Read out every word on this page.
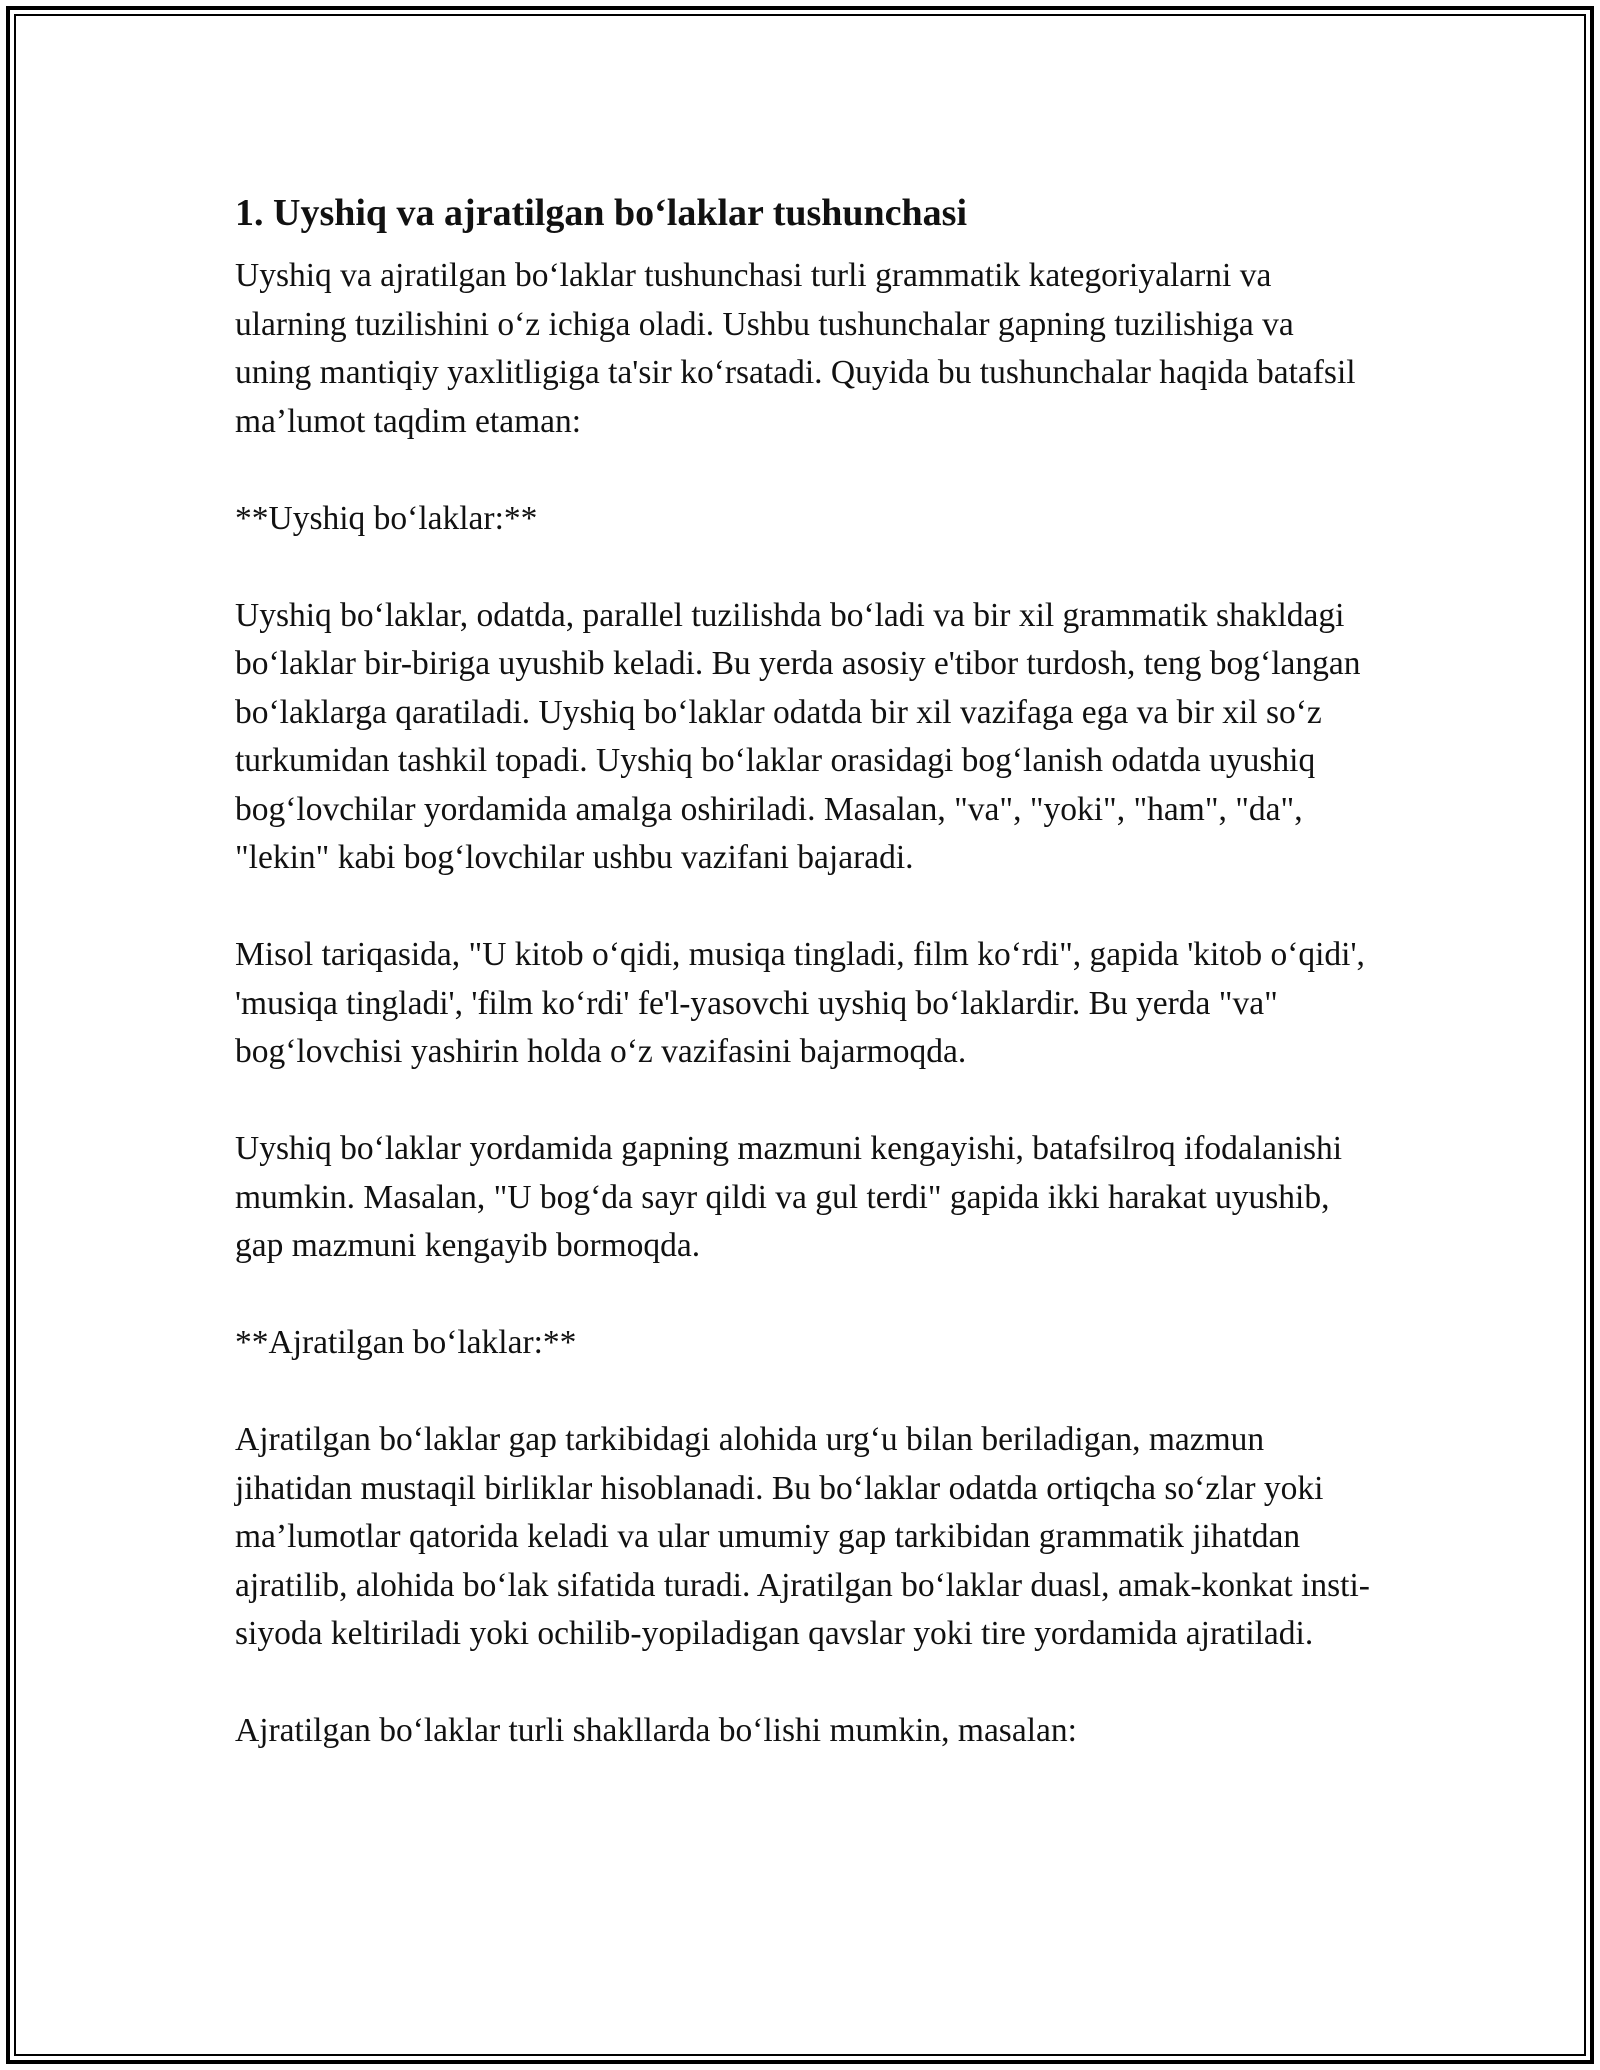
1. Uyshiq va ajratilgan bo‘laklar tushunchasi

Uyshiq va ajratilgan bo‘laklar tushunchasi turli grammatik kategoriyalarni va ularning tuzilishini o‘z ichiga oladi. Ushbu tushunchalar gapning tuzilishiga va uning mantiqiy yaxlitligiga ta'sir ko‘rsatadi. Quyida bu tushunchalar haqida batafsil ma’lumot taqdim etaman:

**Uyshiq bo‘laklar:**

Uyshiq bo‘laklar, odatda, parallel tuzilishda bo‘ladi va bir xil grammatik shakldagi bo‘laklar bir-biriga uyushib keladi. Bu yerda asosiy e'tibor turdosh, teng bog‘langan bo‘laklarga qaratiladi. Uyshiq bo‘laklar odatda bir xil vazifaga ega va bir xil so‘z turkumidan tashkil topadi. Uyshiq bo‘laklar orasidagi bog‘lanish odatda uyushiq bog‘lovchilar yordamida amalga oshiriladi. Masalan, "va", "yoki", "ham", "da", "lekin" kabi bog‘lovchilar ushbu vazifani bajaradi.

Misol tariqasida, "U kitob o‘qidi, musiqa tingladi, film ko‘rdi", gapida 'kitob o‘qidi', 'musiqa tingladi', 'film ko‘rdi' fe'l-yasovchi uyshiq bo‘laklardir. Bu yerda "va" bog‘lovchisi yashirin holda o‘z vazifasini bajarmoqda.

Uyshiq bo‘laklar yordamida gapning mazmuni kengayishi, batafsilroq ifodalanishi mumkin. Masalan, "U bog‘da sayr qildi va gul terdi" gapida ikki harakat uyushib, gap mazmuni kengayib bormoqda.

**Ajratilgan bo‘laklar:**

Ajratilgan bo‘laklar gap tarkibidagi alohida urg‘u bilan beriladigan, mazmun jihatidan mustaqil birliklar hisoblanadi. Bu bo‘laklar odatda ortiqcha so‘zlar yoki ma’lumotlar qatorida keladi va ular umumiy gap tarkibidan grammatik jihatdan ajratilib, alohida bo‘lak sifatida turadi. Ajratilgan bo‘laklar duasl, amak-konkat insti-siyoda keltiriladi yoki ochilib-yopiladigan qavslar yoki tire yordamida ajratiladi.

Ajratilgan bo‘laklar turli shakllarda bo‘lishi mumkin, masalan:
